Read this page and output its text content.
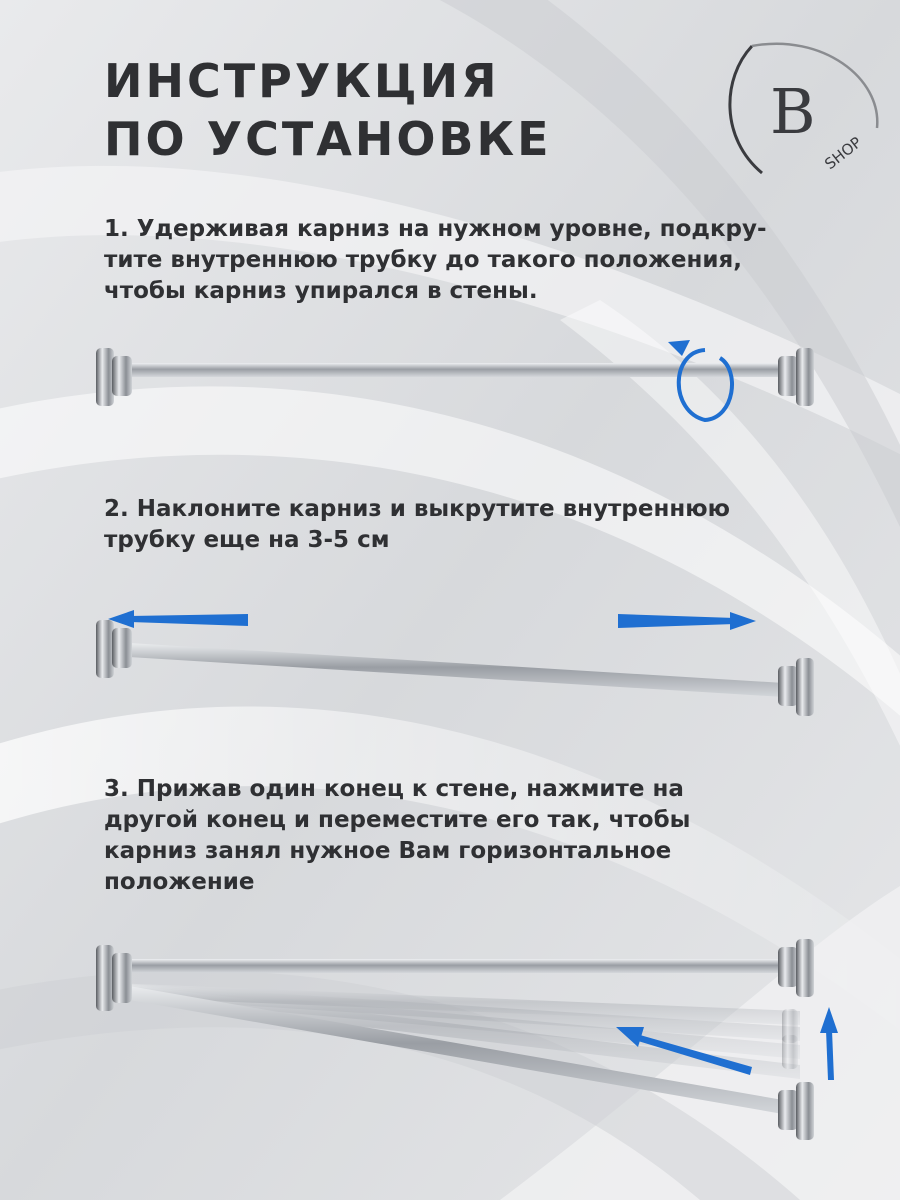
ИНСТРУКЦИЯ
ПО УСТАНОВКЕ	B
SHOP

1. Удерживая карниз на нужном уровне, подкру-
тите внутреннюю трубку до такого положения,
чтобы карниз упирался в стены.

2. Наклоните карниз и выкрутите внутреннюю
трубку еще на 3-5 см

3. Прижав один конец к стене, нажмите на
другой конец и переместите его так, чтобы
карниз занял нужное Вам горизонтальное
положение
